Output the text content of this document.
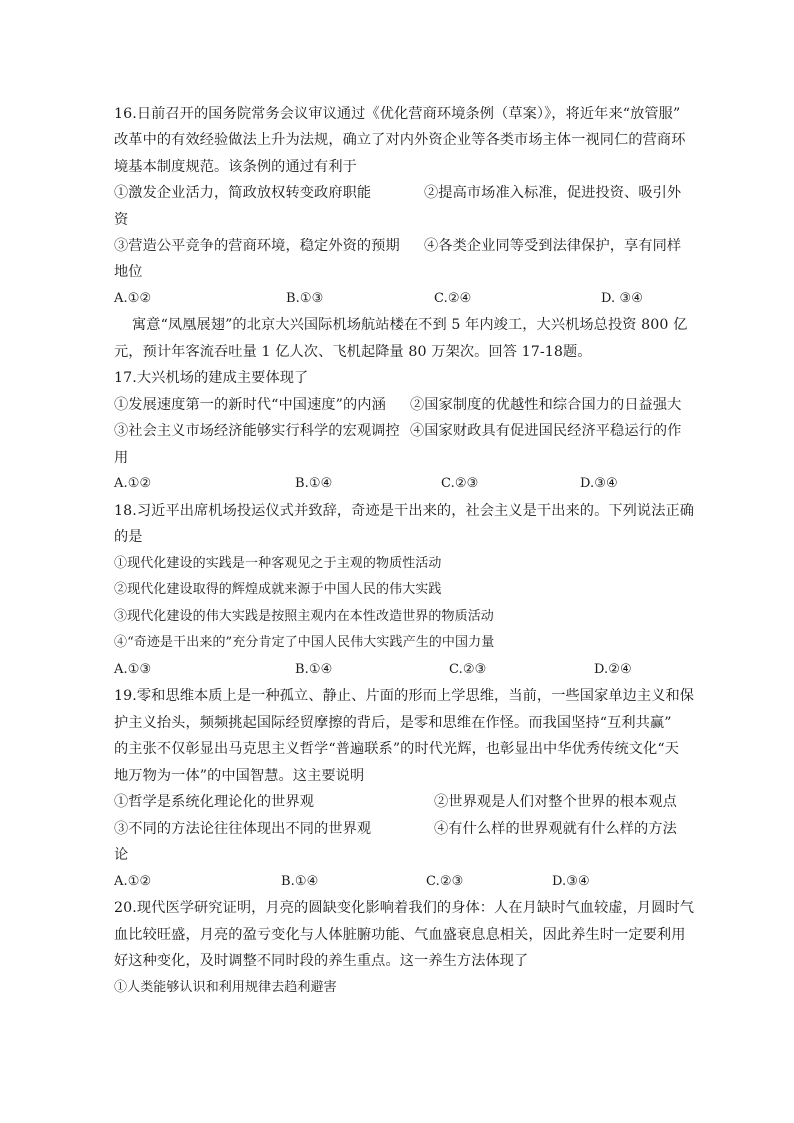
16.日前召开的国务院常务会议审议通过《优化营商环境条例（草案）》，将近年来“放管服”
改革中的有效经验做法上升为法规，确立了对内外资企业等各类市场主体一视同仁的营商环
境基本制度规范。该条例的通过有利于
①激发企业活力，简政放权转变政府职能	②提高市场准入标准，促进投资、吸引外
资
③营造公平竞争的营商环境，稳定外资的预期 ④各类企业同等受到法律保护，享有同样
地位
A.①②	B.①③	C.②④	D. ③④
寓意“凤凰展翅”的北京大兴国际机场航站楼在不到 5 年内竣工，大兴机场总投资 800 亿
元，预计年客流吞吐量 1 亿人次、飞机起降量 80 万架次。回答 17-18题。
17.大兴机场的建成主要体现了
①发展速度第一的新时代“中国速度”的内涵 ②国家制度的优越性和综合国力的日益强大
③社会主义市场经济能够实行科学的宏观调控 ④国家财政具有促进国民经济平稳运行的作
用
A.①②	B.①④	C.②③	D.③④
18.习近平出席机场投运仪式并致辞，奇迹是干出来的，社会主义是干出来的。下列说法正确
的是
①现代化建设的实践是一种客观见之于主观的物质性活动
②现代化建设取得的辉煌成就来源于中国人民的伟大实践
③现代化建设的伟大实践是按照主观内在本性改造世界的物质活动
④“奇迹是干出来的”充分肯定了中国人民伟大实践产生的中国力量
A.①③	B.①④	C.②③	D.②④
19.零和思维本质上是一种孤立、静止、片面的形而上学思维，当前，一些国家单边主义和保
护主义抬头，频频挑起国际经贸摩擦的背后，是零和思维在作怪。而我国坚持“互利共赢”
的主张不仅彰显出马克思主义哲学“普遍联系”的时代光辉，也彰显出中华优秀传统文化“天
地万物为一体”的中国智慧。这主要说明
①哲学是系统化理论化的世界观	②世界观是人们对整个世界的根本观点
③不同的方法论往往体现出不同的世界观	④有什么样的世界观就有什么样的方法
论
A.①②	B.①④	C.②③	D.③④
20.现代医学研究证明，月亮的圆缺变化影响着我们的身体：人在月缺时气血较虚，月圆时气
血比较旺盛，月亮的盈亏变化与人体脏腑功能、气血盛衰息息相关，因此养生时一定要利用
好这种变化，及时调整不同时段的养生重点。这一养生方法体现了
①人类能够认识和利用规律去趋利避害
